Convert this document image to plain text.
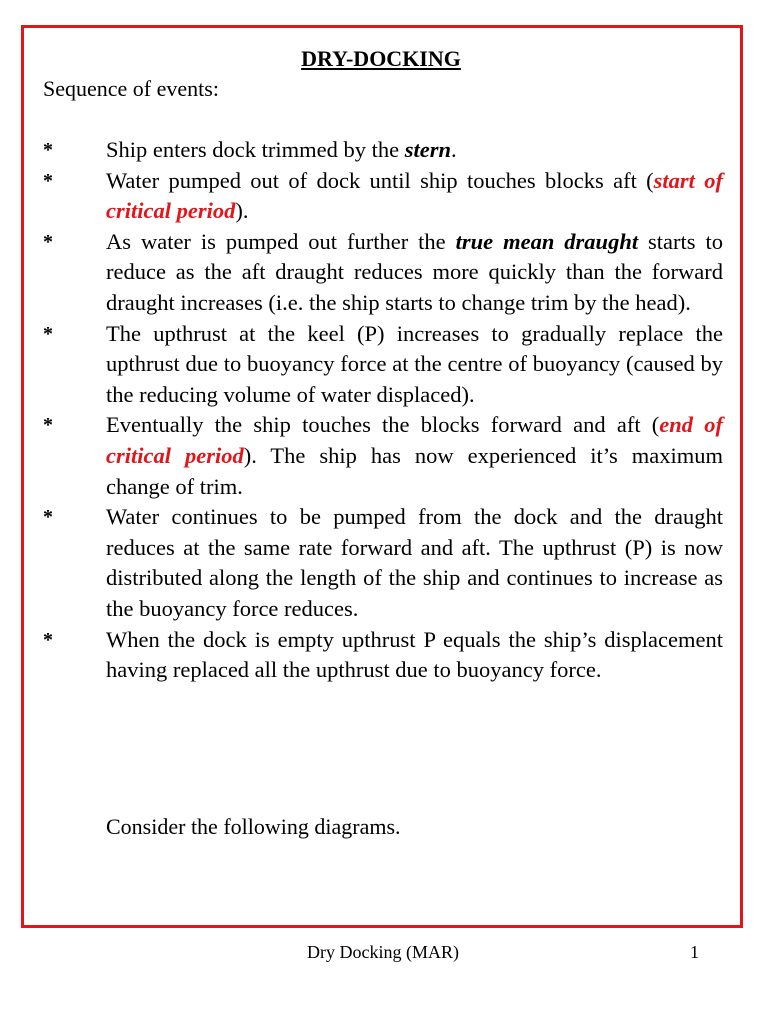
DRY-DOCKING
Sequence of events:
*	Ship enters dock trimmed by the stern.
*	Water pumped out of dock until ship touches blocks aft (start of critical period).
*	As water is pumped out further the true mean draught starts to reduce as the aft draught reduces more quickly than the forward draught increases (i.e. the ship starts to change trim by the head).
*	The upthrust at the keel (P) increases to gradually replace the upthrust due to buoyancy force at the centre of buoyancy (caused by the reducing volume of water displaced).
*	Eventually the ship touches the blocks forward and aft (end of critical period). The ship has now experienced it’s maximum change of trim.
*	Water continues to be pumped from the dock and the draught reduces at the same rate forward and aft. The upthrust (P) is now distributed along the length of the ship and continues to increase as the buoyancy force reduces.
*	When the dock is empty upthrust P equals the ship’s displacement having replaced all the upthrust due to buoyancy force.
Consider the following diagrams.
Dry Docking (MAR)	1
